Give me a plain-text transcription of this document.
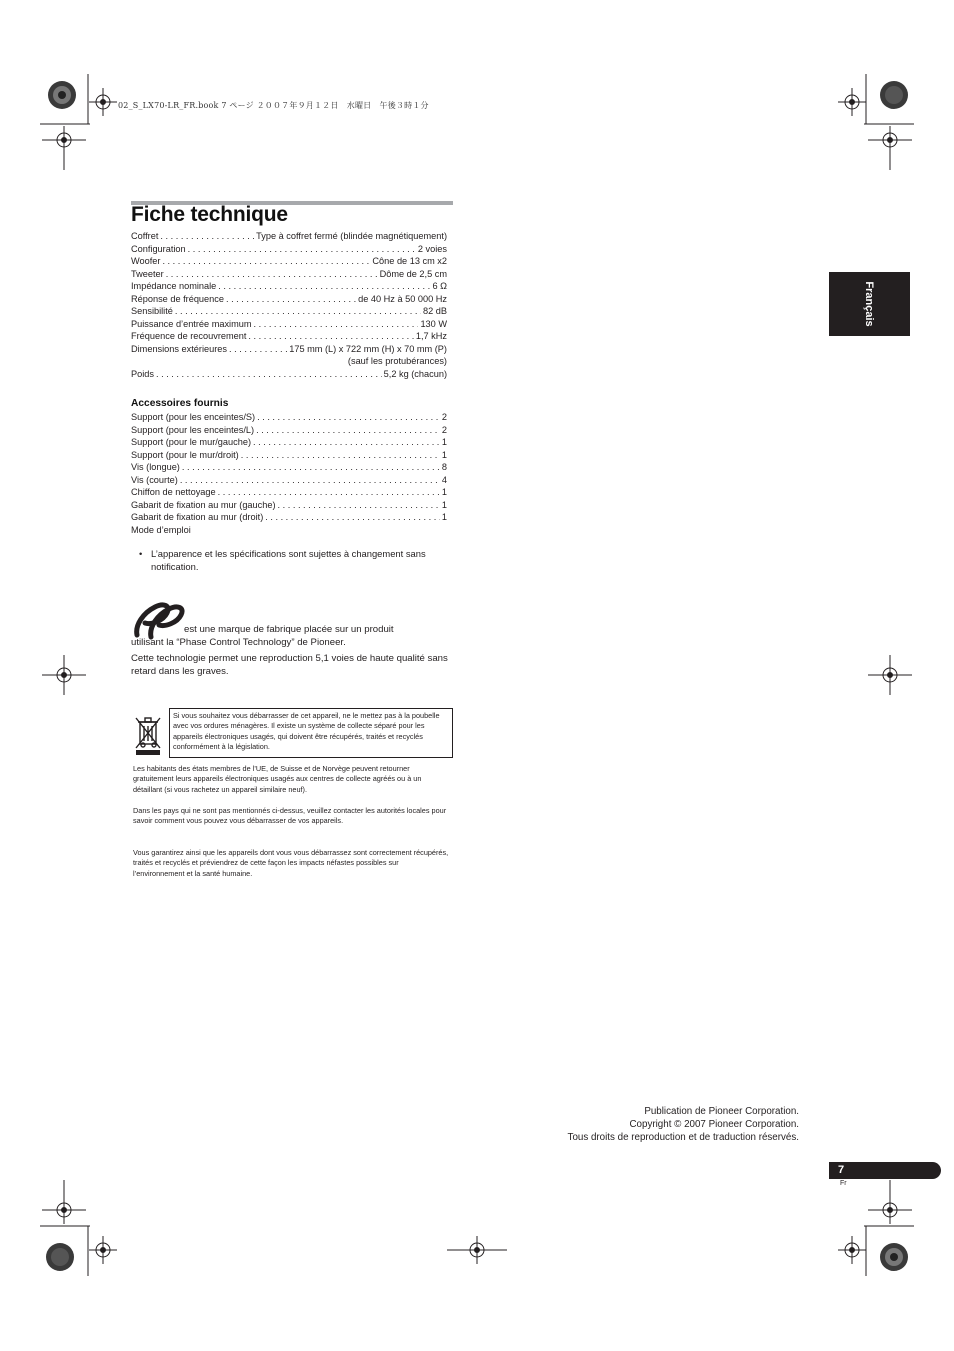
02_S_LX70-LR_FR.book 7 ページ ２００７年９月１２日　水曜日　午後３時１分
Fiche technique
Coffret . . .	Type à coffret fermé (blindée magnétiquement)
Configuration . . .	2 voies
Woofer . . .	Cône de 13 cm x2
Tweeter . . .	Dôme de 2,5 cm
Impédance nominale . . .	6 Ω
Réponse de fréquence . . .	de 40 Hz à 50 000 Hz
Sensibilité . . .	82 dB
Puissance d’entrée maximum . . .	130 W
Fréquence de recouvrement . . .	1,7 kHz
Dimensions extérieures . . .	175 mm (L) x 722 mm (H) x 70 mm (P)
(sauf les protubérances)
Poids . . .	5,2 kg (chacun)
Accessoires fournis
Support (pour les enceintes/S) . . .	2
Support (pour les enceintes/L) . . .	2
Support (pour le mur/gauche) . . .	1
Support (pour le mur/droit) . . .	1
Vis (longue) . . .	8
Vis (courte) . . .	4
Chiffon de nettoyage . . .	1
Gabarit de fixation au mur (gauche) . . .	1
Gabarit de fixation au mur (droit) . . .	1
Mode d’emploi
• L’apparence et les spécifications sont sujettes à changement sans notification.
est une marque de fabrique placée sur un produit
utilisant la “Phase Control Technology” de Pioneer.
Cette technologie permet une reproduction 5,1 voies de haute qualité sans retard dans les graves.
Si vous souhaitez vous débarrasser de cet appareil, ne le mettez pas à la poubelle avec vos ordures ménagères. Il existe un système de collecte séparé pour les appareils électroniques usagés, qui doivent être récupérés, traités et recyclés conformément à la législation.
Les habitants des états membres de l’UE, de Suisse et de Norvège peuvent retourner gratuitement leurs appareils électroniques usagés aux centres de collecte agréés ou à un détaillant (si vous rachetez un appareil similaire neuf).
Dans les pays qui ne sont pas mentionnés ci-dessus, veuillez contacter les autorités locales pour savoir comment vous pouvez vous débarrasser de vos appareils.
Vous garantirez ainsi que les appareils dont vous vous débarrassez sont correctement récupérés, traités et recyclés et préviendrez de cette façon les impacts néfastes possibles sur l’environnement et la santé humaine.
Publication de Pioneer Corporation.
Copyright © 2007 Pioneer Corporation.
Tous droits de reproduction et de traduction réservés.
Français
7
Fr
